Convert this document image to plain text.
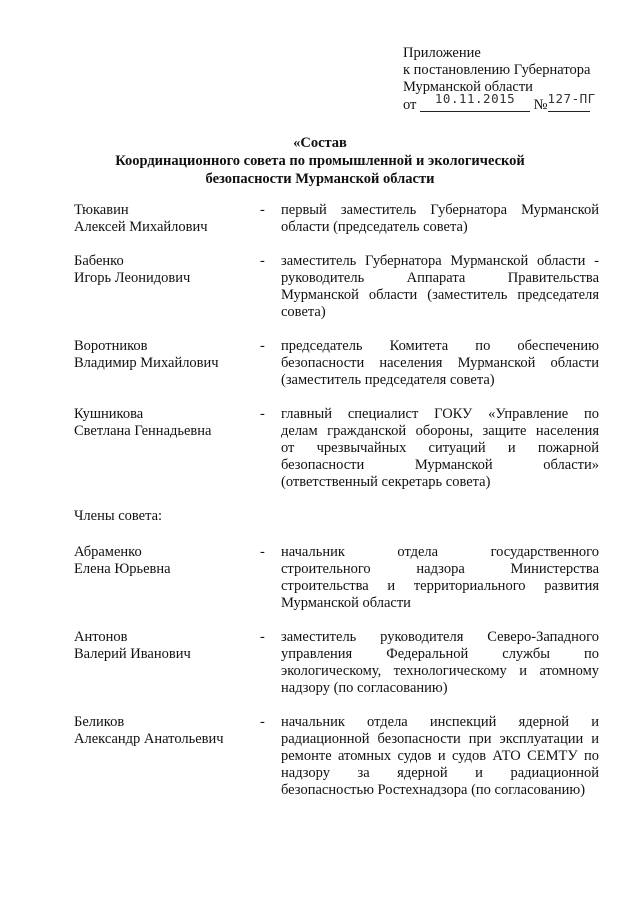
Приложение
к постановлению Губернатора
Мурманской области
от 10.11.2015 №127-ПГ
«Состав
Координационного совета по промышленной и экологической
безопасности Мурманской области
Тюкавин
Алексей Михайлович
- первый заместитель Губернатора Мурманской
области (председатель совета)
Бабенко
Игорь Леонидович
- заместитель Губернатора Мурманской области -
руководитель Аппарата Правительства
Мурманской области (заместитель председателя
совета)
Воротников
Владимир Михайлович
- председатель Комитета по обеспечению
безопасности населения Мурманской области
(заместитель председателя совета)
Кушникова
Светлана Геннадьевна
- главный специалист ГОКУ «Управление по
делам гражданской обороны, защите населения
от чрезвычайных ситуаций и пожарной
безопасности Мурманской области»
(ответственный секретарь совета)
Члены совета:
Абраменко
Елена Юрьевна
- начальник отдела государственного
строительного надзора Министерства
строительства и территориального развития
Мурманской области
Антонов
Валерий Иванович
- заместитель руководителя Северо-Западного
управления Федеральной службы по
экологическому, технологическому и атомному
надзору (по согласованию)
Беликов
Александр Анатольевич
- начальник отдела инспекций ядерной и
радиационной безопасности при эксплуатации и
ремонте атомных судов и судов АТО СЕМТУ по
надзору за ядерной и радиационной
безопасностью Ростехнадзора (по согласованию)
